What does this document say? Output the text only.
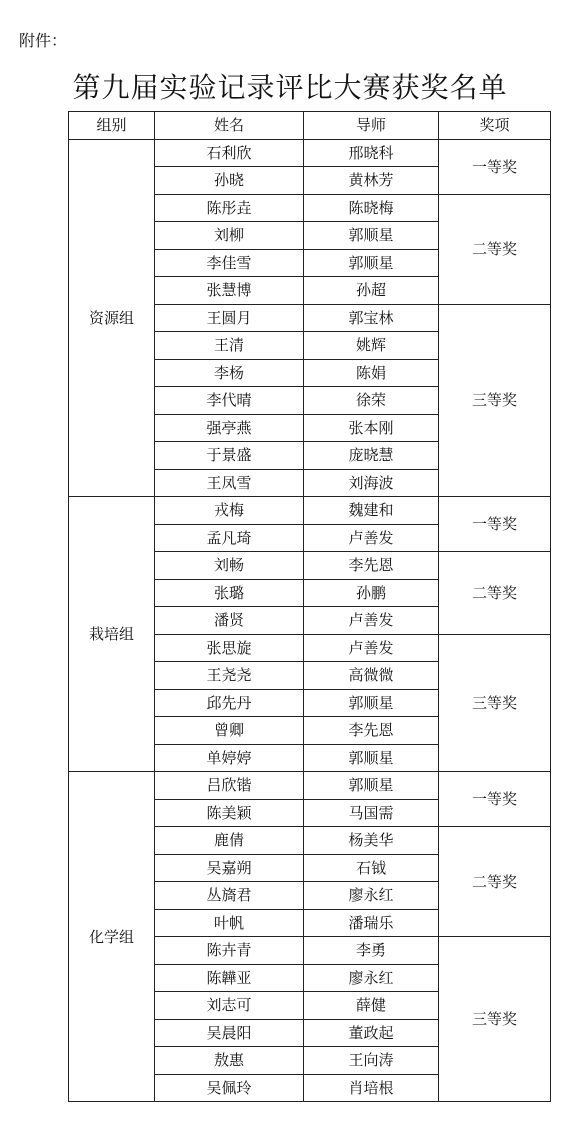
附件：
第九届实验记录评比大赛获奖名单
组别	姓名	导师	奖项
资源组	石利欣	邢晓科	一等奖
	孙晓	黄林芳	
	陈彤垚	陈晓梅	二等奖
	刘柳	郭顺星	
	李佳雪	郭顺星	
	张慧博	孙超	
	王圆月	郭宝林	三等奖
	王清	姚辉	
	李杨	陈娟	
	李代晴	徐荣	
	强亭燕	张本刚	
	于景盛	庞晓慧	
	王凤雪	刘海波	
栽培组	戎梅	魏建和	一等奖
	孟凡琦	卢善发	
	刘畅	李先恩	二等奖
	张璐	孙鹏	
	潘贤	卢善发	
	张思旋	卢善发	三等奖
	王尧尧	高微微	
	邱先丹	郭顺星	
	曾卿	李先恩	
	单婷婷	郭顺星	
化学组	吕欣锴	郭顺星	一等奖
	陈美颖	马国需	
	鹿倩	杨美华	二等奖
	吴嘉朔	石钺	
	丛旖君	廖永红	
	叶帆	潘瑞乐	
	陈卉青	李勇	三等奖
	陈韡亚	廖永红	
	刘志可	薛健	
	吴晨阳	董政起	
	敖惠	王向涛	
	吴佩玲	肖培根	
